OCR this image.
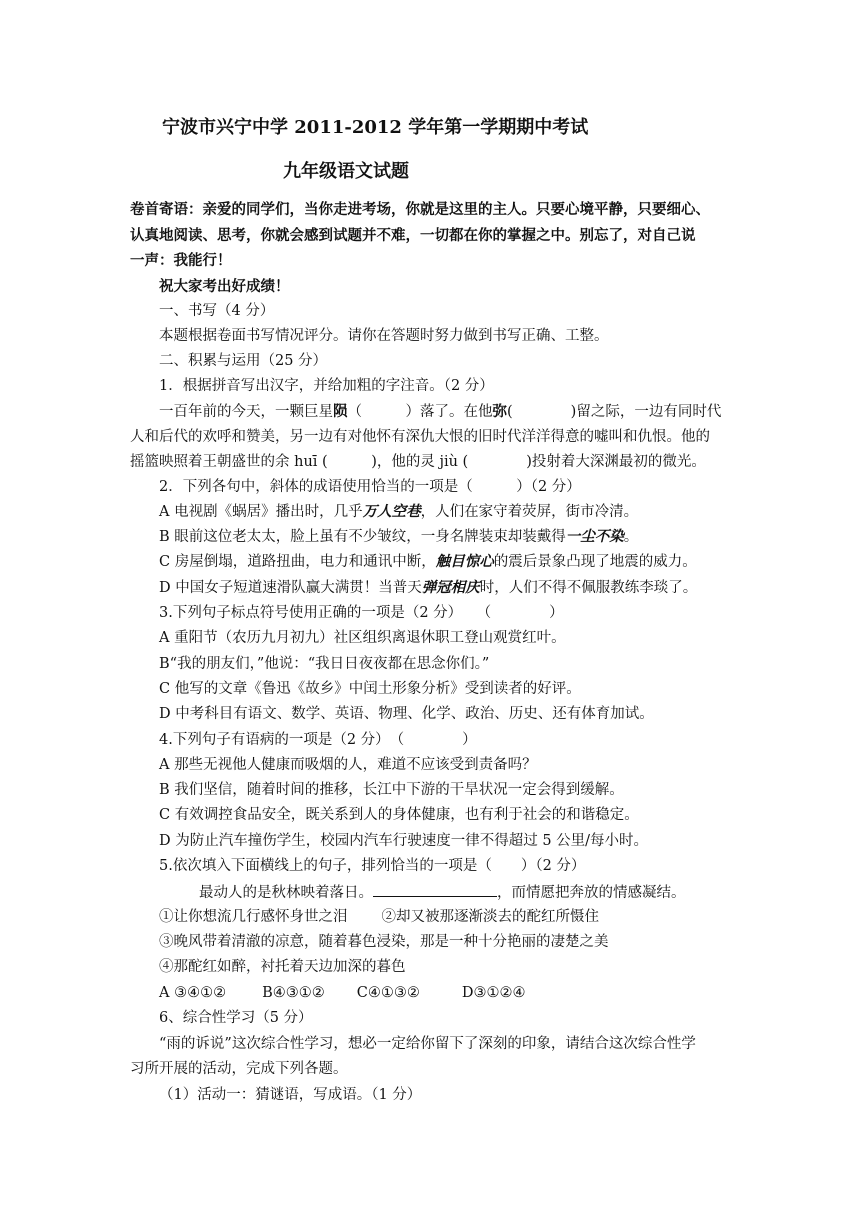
宁波市兴宁中学 2011-2012 学年第一学期期中考试
九年级语文试题
卷首寄语：亲爱的同学们，当你走进考场，你就是这里的主人。只要心境平静，只要细心、
认真地阅读、思考，你就会感到试题并不难，一切都在你的掌握之中。别忘了，对自己说
一声：我能行！
祝大家考出好成绩！
一、书写（4 分）
本题根据卷面书写情况评分。请你在答题时努力做到书写正确、工整。
二、积累与运用（25 分）
1．根据拼音写出汉字，并给加粗的字注音。（2 分）
一百年前的今天，一颗巨星陨（　　　）落了。在他弥(　　　　)留之际，一边有同时代
人和后代的欢呼和赞美，另一边有对他怀有深仇大恨的旧时代洋洋得意的嘘叫和仇恨。他的
摇篮映照着王朝盛世的余 huī (　　　)，他的灵 jiù (　　　　)投射着大深渊最初的微光。
2．下列各句中，斜体的成语使用恰当的一项是（　　　）（2 分）
A 电视剧《蜗居》播出时，几乎万人空巷，人们在家守着荧屏，街市冷清。
B 眼前这位老太太，脸上虽有不少皱纹，一身名牌装束却装戴得一尘不染。
C 房屋倒塌，道路扭曲，电力和通讯中断，触目惊心的震后景象凸现了地震的威力。
D 中国女子短道速滑队赢大满贯！当普天弹冠相庆时，人们不得不佩服教练李琰了。
3.下列句子标点符号使用正确的一项是（2 分）　　（　　　　）
A 重阳节（农历九月初九）社区组织离退休职工登山观赏红叶。
B“我的朋友们，”他说：“我日日夜夜都在思念你们。”
C 他写的文章《鲁迅《故乡》中闰土形象分析》受到读者的好评。
D 中考科目有语文、数学、英语、物理、化学、政治、历史、还有体育加试。
4.下列句子有语病的一项是（2 分）　（　　　　）
A 那些无视他人健康而吸烟的人，难道不应该受到责备吗？
B 我们坚信，随着时间的推移，长江中下游的干旱状况一定会得到缓解。
C 有效调控食品安全，既关系到人的身体健康，也有利于社会的和谐稳定。
D 为防止汽车撞伤学生，校园内汽车行驶速度一律不得超过 5 公里/每小时。
5.依次填入下面横线上的句子，排列恰当的一项是（　　）（2 分）
最动人的是秋林映着落日。	，而情愿把奔放的情感凝结。
①让你想流几行感怀身世之泪 ②却又被那逐渐淡去的酡红所慑住
③晚风带着清澈的凉意，随着暮色浸染，那是一种十分艳丽的凄楚之美
④那酡红如醉，衬托着天边加深的暮色
A ③④①② B④③①② C④①③②	D③①②④
6、综合性学习（5 分）
“雨的诉说”这次综合性学习，想必一定给你留下了深刻的印象，请结合这次综合性学
习所开展的活动，完成下列各题。
（1）活动一：猜谜语，写成语。（1 分）
